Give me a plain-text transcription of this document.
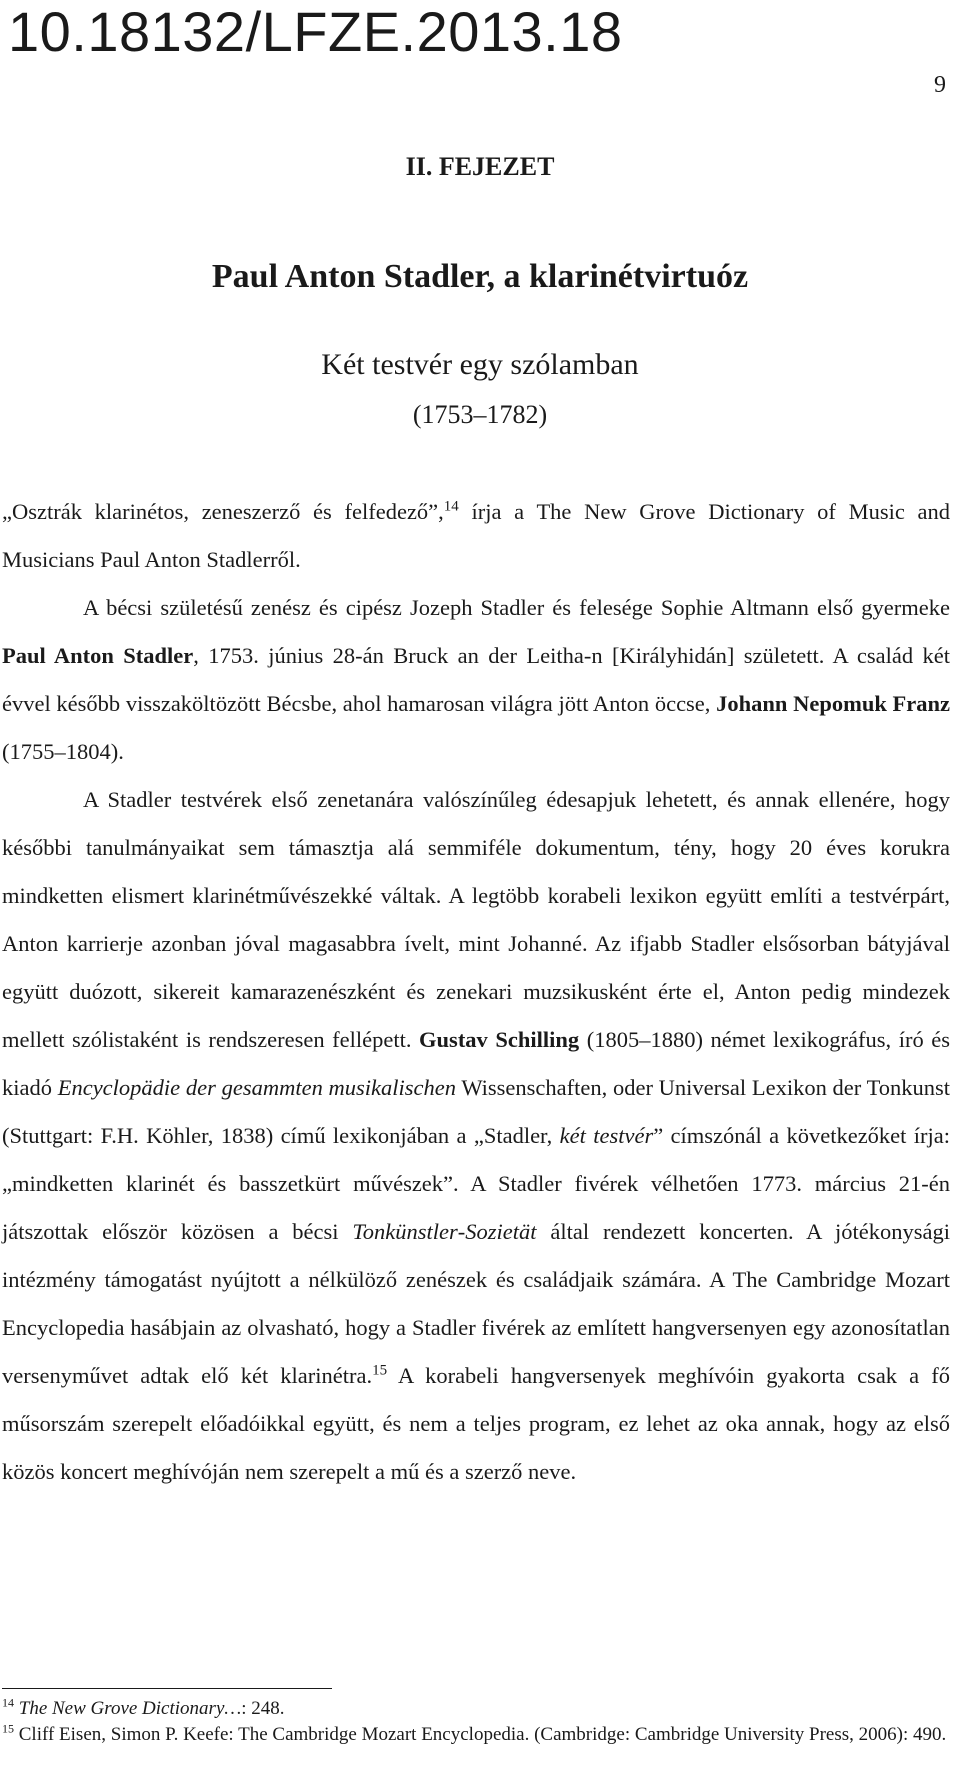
10.18132/LFZE.2013.18
9
II. FEJEZET
Paul Anton Stadler, a klarinétvirtuóz
Két testvér egy szólamban
(1753–1782)

„Osztrák klarinétos, zeneszerző és felfedező”,$^{14}$ írja a The New Grove Dictionary of Music and Musicians Paul Anton Stadlerről.

A bécsi születésű zenész és cipész Jozeph Stadler és felesége Sophie Altmann első gyermeke Paul Anton Stadler, 1753. június 28-án Bruck an der Leitha-n [Királyhidán] született. A család két évvel később visszaköltözött Bécsbe, ahol hamarosan világra jött Anton öccse, Johann Nepomuk Franz (1755–1804).

A Stadler testvérek első zenetanára valószínűleg édesapjuk lehetett, és annak ellenére, hogy későbbi tanulmányaikat sem támasztja alá semmiféle dokumentum, tény, hogy 20 éves korukra mindketten elismert klarinétművészekké váltak. A legtöbb korabeli lexikon együtt említi a testvérpárt, Anton karrierje azonban jóval magasabbra ívelt, mint Johanné. Az ifjabb Stadler elsősorban bátyjával együtt duózott, sikereit kamarazenészként és zenekari muzsikusként érte el, Anton pedig mindezek mellett szólistaként is rendszeresen fellépett. Gustav Schilling (1805–1880) német lexikográfus, író és kiadó Encyclopädie der gesammten musikalischen Wissenschaften, oder Universal Lexikon der Tonkunst (Stuttgart: F.H. Köhler, 1838) című lexikonjában a „Stadler, két testvér” címszónál a következőket írja: „mindketten klarinét és basszetkürt művészek”. A Stadler fivérek vélhetően 1773. március 21-én játszottak először közösen a bécsi Tonkünstler-Sozietät által rendezett koncerten. A jótékonysági intézmény támogatást nyújtott a nélkülöző zenészek és családjaik számára. A The Cambridge Mozart Encyclopedia hasábjain az olvasható, hogy a Stadler fivérek az említett hangversenyen egy azonosítatlan versenyművet adtak elő két klarinétra.$^{15}$ A korabeli hangversenyek meghívóin gyakorta csak a fő műsorszám szerepelt előadóikkal együtt, és nem a teljes program, ez lehet az oka annak, hogy az első közös koncert meghívóján nem szerepelt a mű és a szerző neve.

$^{14}$ The New Grove Dictionary…: 248.

$^{15}$ Cliff Eisen, Simon P. Keefe: The Cambridge Mozart Encyclopedia. (Cambridge: Cambridge University Press, 2006): 490.
